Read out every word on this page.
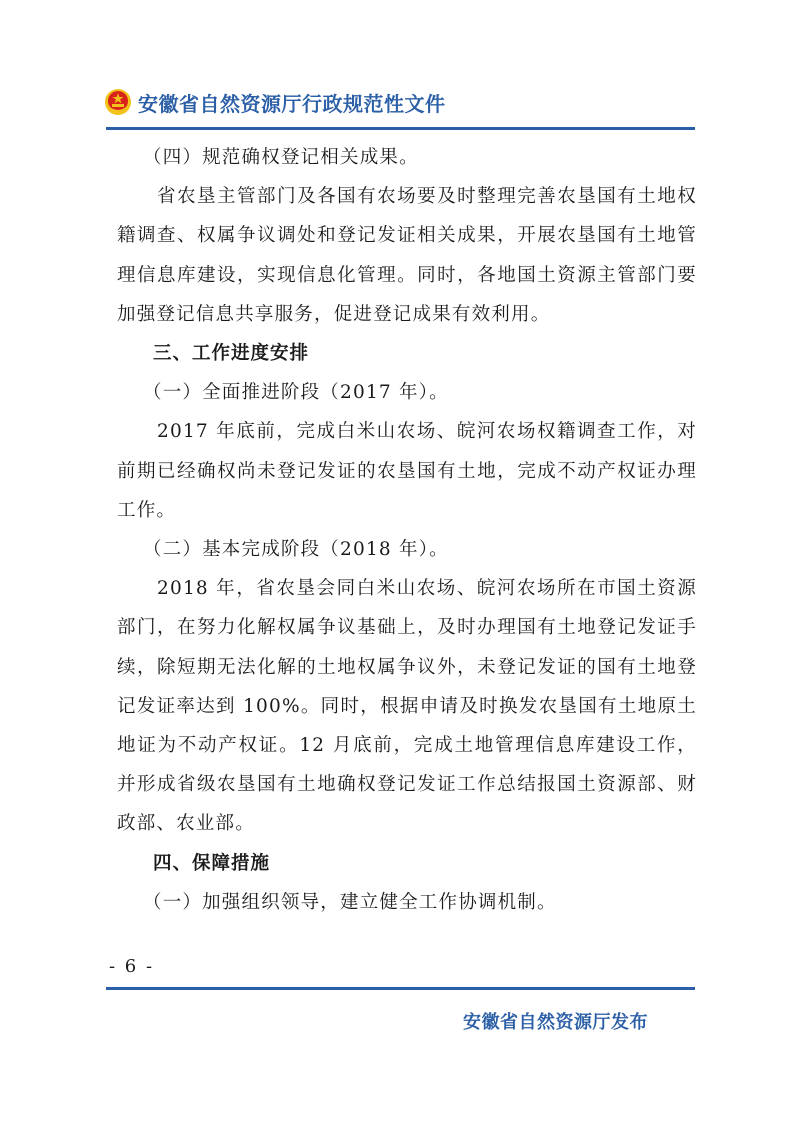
安徽省自然资源厅行政规范性文件

（四）规范确权登记相关成果。

省农垦主管部门及各国有农场要及时整理完善农垦国有土地权籍调查、权属争议调处和登记发证相关成果，开展农垦国有土地管理信息库建设，实现信息化管理。同时，各地国土资源主管部门要加强登记信息共享服务，促进登记成果有效利用。

三、工作进度安排

（一）全面推进阶段（2017 年）。

2017 年底前，完成白米山农场、皖河农场权籍调查工作，对前期已经确权尚未登记发证的农垦国有土地，完成不动产权证办理工作。

（二）基本完成阶段（2018 年）。

2018 年，省农垦会同白米山农场、皖河农场所在市国土资源部门，在努力化解权属争议基础上，及时办理国有土地登记发证手续，除短期无法化解的土地权属争议外，未登记发证的国有土地登记发证率达到 100%。同时，根据申请及时换发农垦国有土地原土地证为不动产权证。12 月底前，完成土地管理信息库建设工作，并形成省级农垦国有土地确权登记发证工作总结报国土资源部、财政部、农业部。

四、保障措施

（一）加强组织领导，建立健全工作协调机制。

- 6 -
安徽省自然资源厅发布
